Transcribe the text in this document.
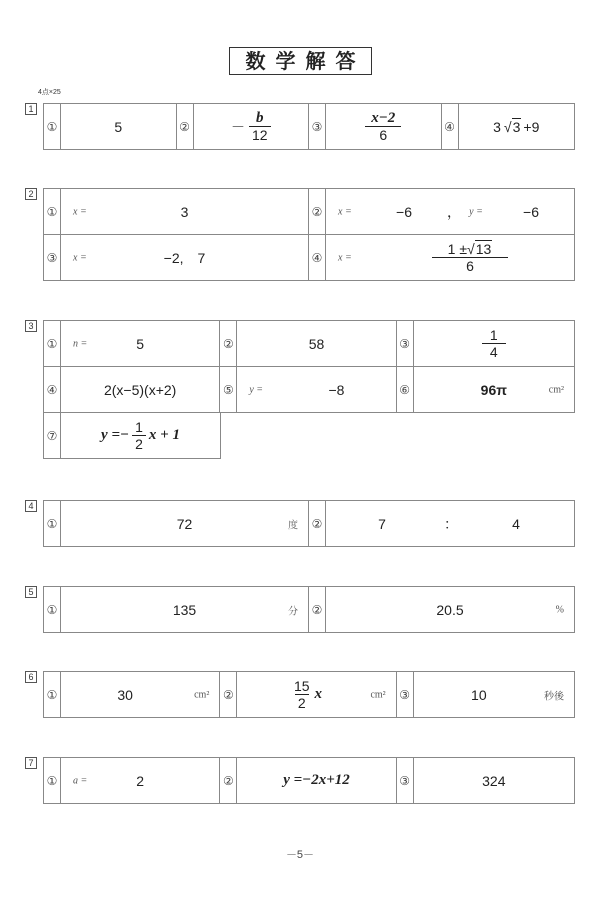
数学解答
4点×25
1
①	5	②	－ $\frac{b}{12}$	③	$\frac{x-2}{6}$	④	3 √ 3 +9
2
①	x =	3	②	x =	−6	， y =	−6
③	x =	−2,　7	④	x =	$\frac{1 \pm√13}{6}$
3
①	n =	5	②	58	③	$\frac{1}{4}$
④	2(x−5)(x+2)	⑤	y =	−8	⑥	96π	cm²
⑦	$y =- \frac{1}{2}$ x + 1
4
①	72	度 ②	7	：	4
5
①	135	分 ②	20.5	%
6
①	30	cm² ②	$\frac{15}{2}$ x	cm² ③	10	秒後
7
①	a =	2	②	y =−2x+12	③	324
－5－
